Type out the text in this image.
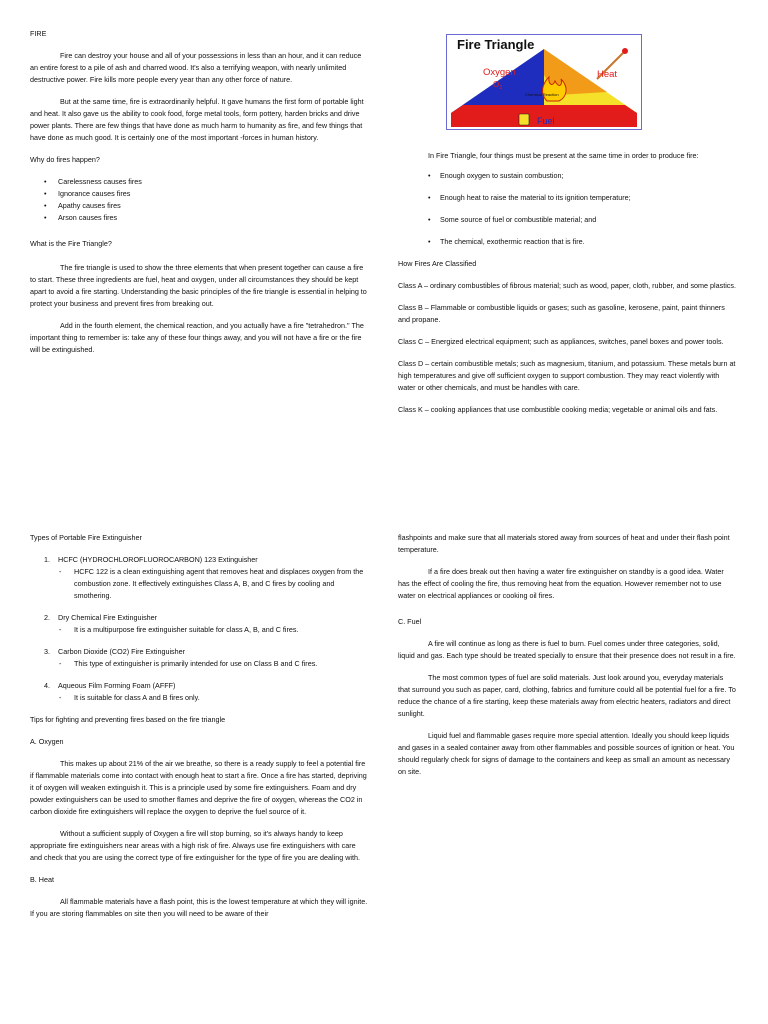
FIRE

Fire can destroy your house and all of your possessions in less than an hour, and it can reduce an entire forest to a pile of ash and charred wood. It's also a terrifying weapon, with nearly unlimited destructive power. Fire kills more people every year than any other force of nature.

But at the same time, fire is extraordinarily helpful. It gave humans the first form of portable light and heat. It also gave us the ability to cook food, forge metal tools, form pottery, harden bricks and drive power plants. There are few things that have done as much harm to humanity as fire, and few things that have done as much good. It is certainly one of the most important -forces in human history.

Why do fires happen?

• Carelessness causes fires
• Ignorance causes fires
• Apathy causes fires
• Arson causes fires

What is the Fire Triangle?

The fire triangle is used to show the three elements that when present together can cause a fire to start. These three ingredients are fuel, heat and oxygen, under all circumstances they should be kept apart to avoid a fire starting. Understanding the basic principles of the fire triangle is essential in helping to protect your business and prevent fires from breaking out.

Add in the fourth element, the chemical reaction, and you actually have a fire "tetrahedron." The important thing to remember is: take any of these four things away, and you will not have a fire or the fire will be extinguished.

Fire Triangle
Oxygen
$O_2$
Heat
Chemical Reaction
Fuel

In Fire Triangle, four things must be present at the same time in order to produce fire:

• Enough oxygen to sustain combustion;

• Enough heat to raise the material to its ignition temperature;

• Some source of fuel or combustible material; and

• The chemical, exothermic reaction that is fire.

How Fires Are Classified

Class A – ordinary combustibles of fibrous material; such as wood, paper, cloth, rubber, and some plastics.

Class B – Flammable or combustible liquids or gases; such as gasoline, kerosene, paint, paint thinners and propane.

Class C – Energized electrical equipment; such as appliances, switches, panel boxes and power tools.

Class D – certain combustible metals; such as magnesium, titanium, and potassium. These metals burn at high temperatures and give off sufficient oxygen to support combustion. They may react violently with water or other chemicals, and must be handles with care.

Class K – cooking appliances that use combustible cooking media; vegetable or animal oils and fats.

Types of Portable Fire Extinguisher

1. HCFC (HYDROCHLOROFLUOROCARBON) 123 Extinguisher
- HCFC 122 is a clean extinguishing agent that removes heat and displaces oxygen from the combustion zone. It effectively extinguishes Class A, B, and C fires by cooling and smothering.
2. Dry Chemical Fire Extinguisher
- It is a multipurpose fire extinguisher suitable for class A, B, and C fires.
3. Carbon Dioxide (CO2) Fire Extinguisher
- This type of extinguisher is primarily intended for use on Class B and C fires.
4. Aqueous Film Forming Foam (AFFF)
- It is suitable for class A and B fires only.

Tips for fighting and preventing fires based on the fire triangle

A. Oxygen

This makes up about 21% of the air we breathe, so there is a ready supply to feel a potential fire if flammable materials come into contact with enough heat to start a fire. Once a fire has started, depriving it of oxygen will weaken extinguish it. This is a principle used by some fire extinguishers. Foam and dry powder extinguishers can be used to smother flames and deprive the fire of oxygen, whereas the CO2 in carbon dioxide fire extinguishers will replace the oxygen to deprive the fuel source of it.

Without a sufficient supply of Oxygen a fire will stop burning, so it's always handy to keep appropriate fire extinguishers near areas with a high risk of fire. Always use fire extinguishers with care and check that you are using the correct type of fire extinguisher for the type of fire you are dealing with.

B. Heat

All flammable materials have a flash point, this is the lowest temperature at which they will ignite. If you are storing flammables on site then you will need to be aware of their

flashpoints and make sure that all materials stored away from sources of heat and under their flash point temperature.

If a fire does break out then having a water fire extinguisher on standby is a good idea. Water has the effect of cooling the fire, thus removing heat from the equation. However remember not to use water on electrical appliances or cooking oil fires.

C. Fuel

A fire will continue as long as there is fuel to burn. Fuel comes under three categories, solid, liquid and gas. Each type should be treated specially to ensure that their presence does not result in a fire.

The most common types of fuel are solid materials. Just look around you, everyday materials that surround you such as paper, card, clothing, fabrics and furniture could all be potential fuel for a fire. To reduce the chance of a fire starting, keep these materials away from electric heaters, radiators and direct sunlight.

Liquid fuel and flammable gases require more special attention. Ideally you should keep liquids and gases in a sealed container away from other flammables and possible sources of ignition or heat. You should regularly check for signs of damage to the containers and keep as small an amount as necessary on site.
